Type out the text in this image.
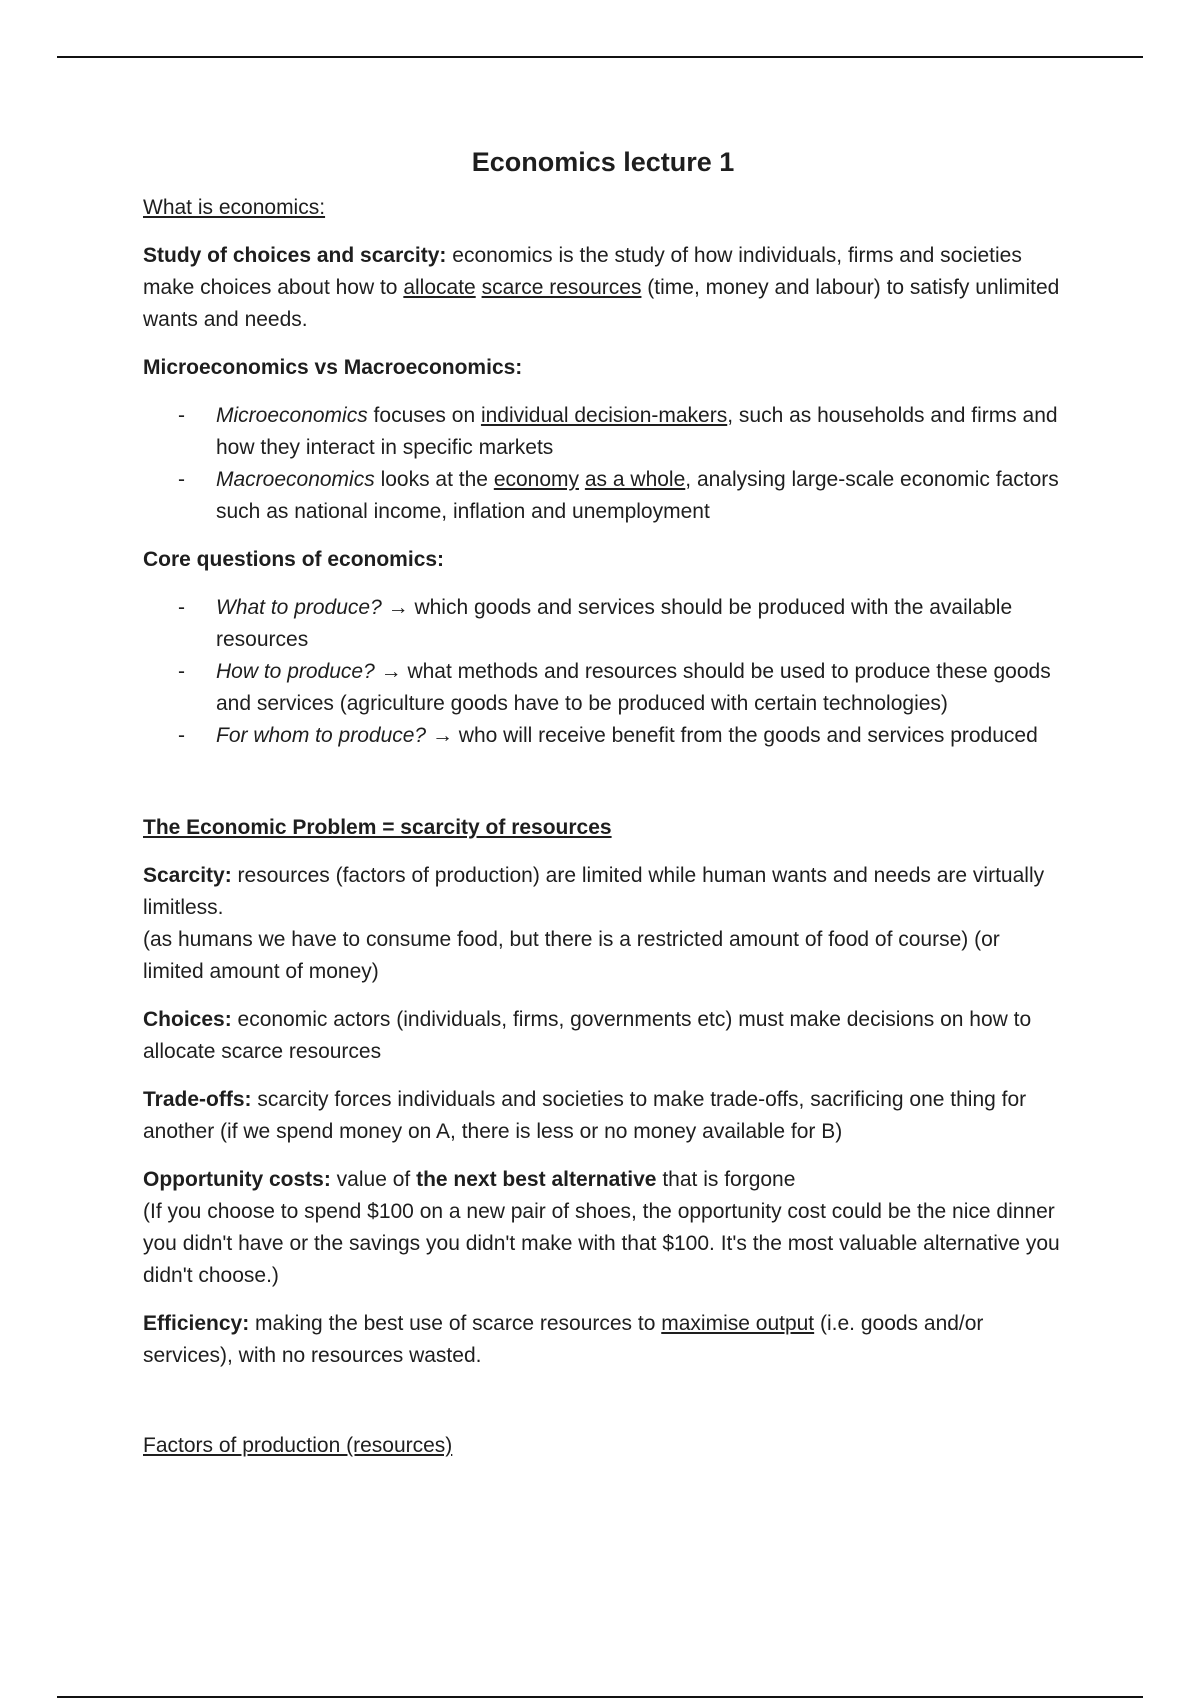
Economics lecture 1

What is economics:

Study of choices and scarcity: economics is the study of how individuals, firms and societies make choices about how to allocate scarce resources (time, money and labour) to satisfy unlimited wants and needs.

Microeconomics vs Macroeconomics:

- Microeconomics focuses on individual decision-makers, such as households and firms and how they interact in specific markets
- Macroeconomics looks at the economy as a whole, analysing large-scale economic factors such as national income, inflation and unemployment

Core questions of economics:

- What to produce? → which goods and services should be produced with the available resources
- How to produce? → what methods and resources should be used to produce these goods and services (agriculture goods have to be produced with certain technologies)
- For whom to produce? → who will receive benefit from the goods and services produced

The Economic Problem = scarcity of resources

Scarcity: resources (factors of production) are limited while human wants and needs are virtually limitless.
(as humans we have to consume food, but there is a restricted amount of food of course) (or limited amount of money)

Choices: economic actors (individuals, firms, governments etc) must make decisions on how to allocate scarce resources

Trade-offs: scarcity forces individuals and societies to make trade-offs, sacrificing one thing for another (if we spend money on A, there is less or no money available for B)

Opportunity costs: value of the next best alternative that is forgone
(If you choose to spend $100 on a new pair of shoes, the opportunity cost could be the nice dinner you didn't have or the savings you didn't make with that $100. It's the most valuable alternative you didn't choose.)

Efficiency: making the best use of scarce resources to maximise output (i.e. goods and/or services), with no resources wasted.

Factors of production (resources)
